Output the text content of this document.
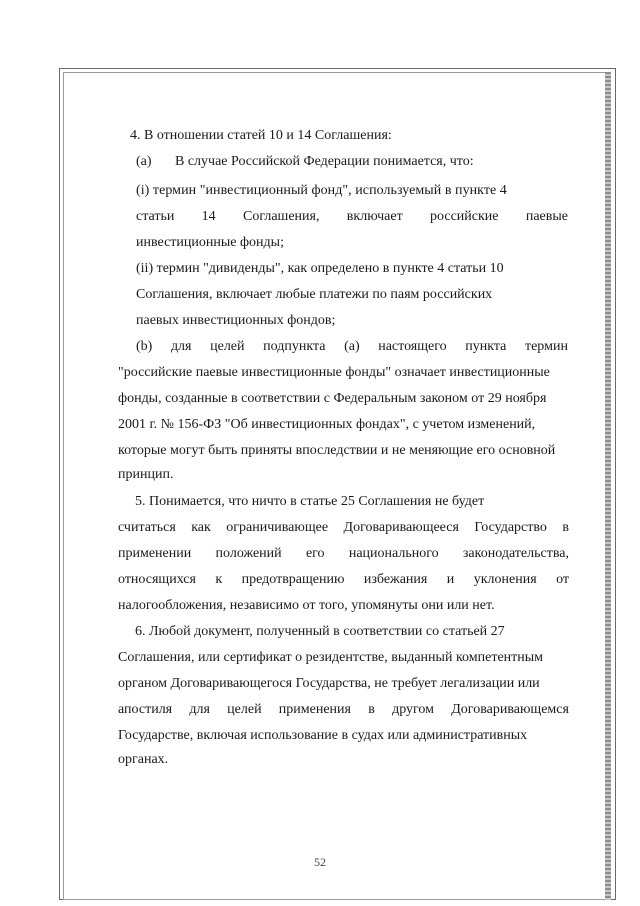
4. В отношении статей 10 и 14 Соглашения:

(а) В случае Российской Федерации понимается, что:

(i) термин "инвестиционный фонд", используемый в пункте 4

статьи 14 Соглашения, включает российские паевые

инвестиционные фонды;

(ii) термин "дивиденды", как определено в пункте 4 статьи 10

Соглашения, включает любые платежи по паям российских

паевых инвестиционных фондов;

(b) для целей подпункта (а) настоящего пункта термин

"российские паевые инвестиционные фонды" означает инвестиционные

фонды, созданные в соответствии с Федеральным законом от 29 ноября

2001 г. № 156-ФЗ "Об инвестиционных фондах", с учетом изменений,

которые могут быть приняты впоследствии и не меняющие его основной

принцип.

5. Понимается, что ничто в статье 25 Соглашения не будет

считаться как ограничивающее Договаривающееся Государство в
применении положений его национального законодательства,
относящихся к предотвращению избежания и уклонения от

налогообложения, независимо от того, упомянуты они или нет.

6. Любой документ, полученный в соответствии со статьей 27

Соглашения, или сертификат о резидентстве, выданный компетентным

органом Договаривающегося Государства, не требует легализации или

апостиля для целей применения в другом Договаривающемся

Государстве, включая использование в судах или административных

органах.

52
